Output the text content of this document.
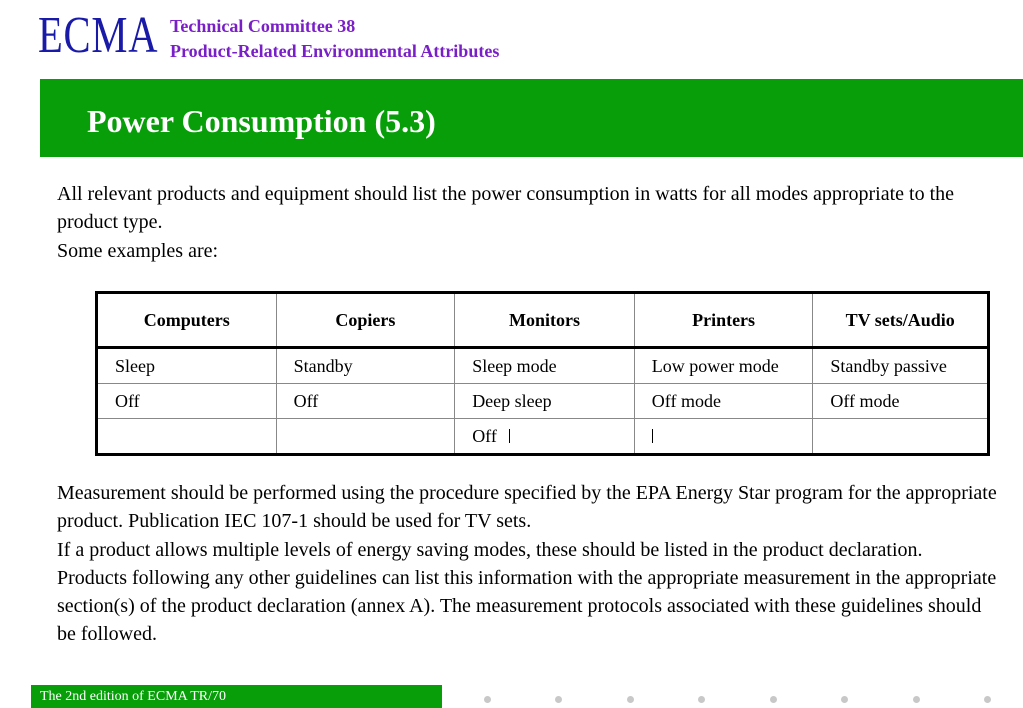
ECMA Technical Committee 38
Product-Related Environmental Attributes
Power Consumption (5.3)

All relevant products and equipment should list the power consumption in watts for all modes appropriate to the product type.

Some examples are:

Computers	Copiers	Monitors	Printers	TV sets/Audio
Sleep	Standby	Sleep mode	Low power mode	Standby passive
Off	Off	Deep sleep	Off mode	Off mode
		Off		

Measurement should be performed using the procedure specified by the EPA Energy Star program for the appropriate product. Publication IEC 107-1 should be used for TV sets.

If a product allows multiple levels of energy saving modes, these should be listed in the product declaration.

Products following any other guidelines can list this information with the appropriate measurement in the appropriate section(s) of the product declaration (annex A). The measurement protocols associated with these guidelines should be followed.

The 2nd edition of ECMA TR/70
